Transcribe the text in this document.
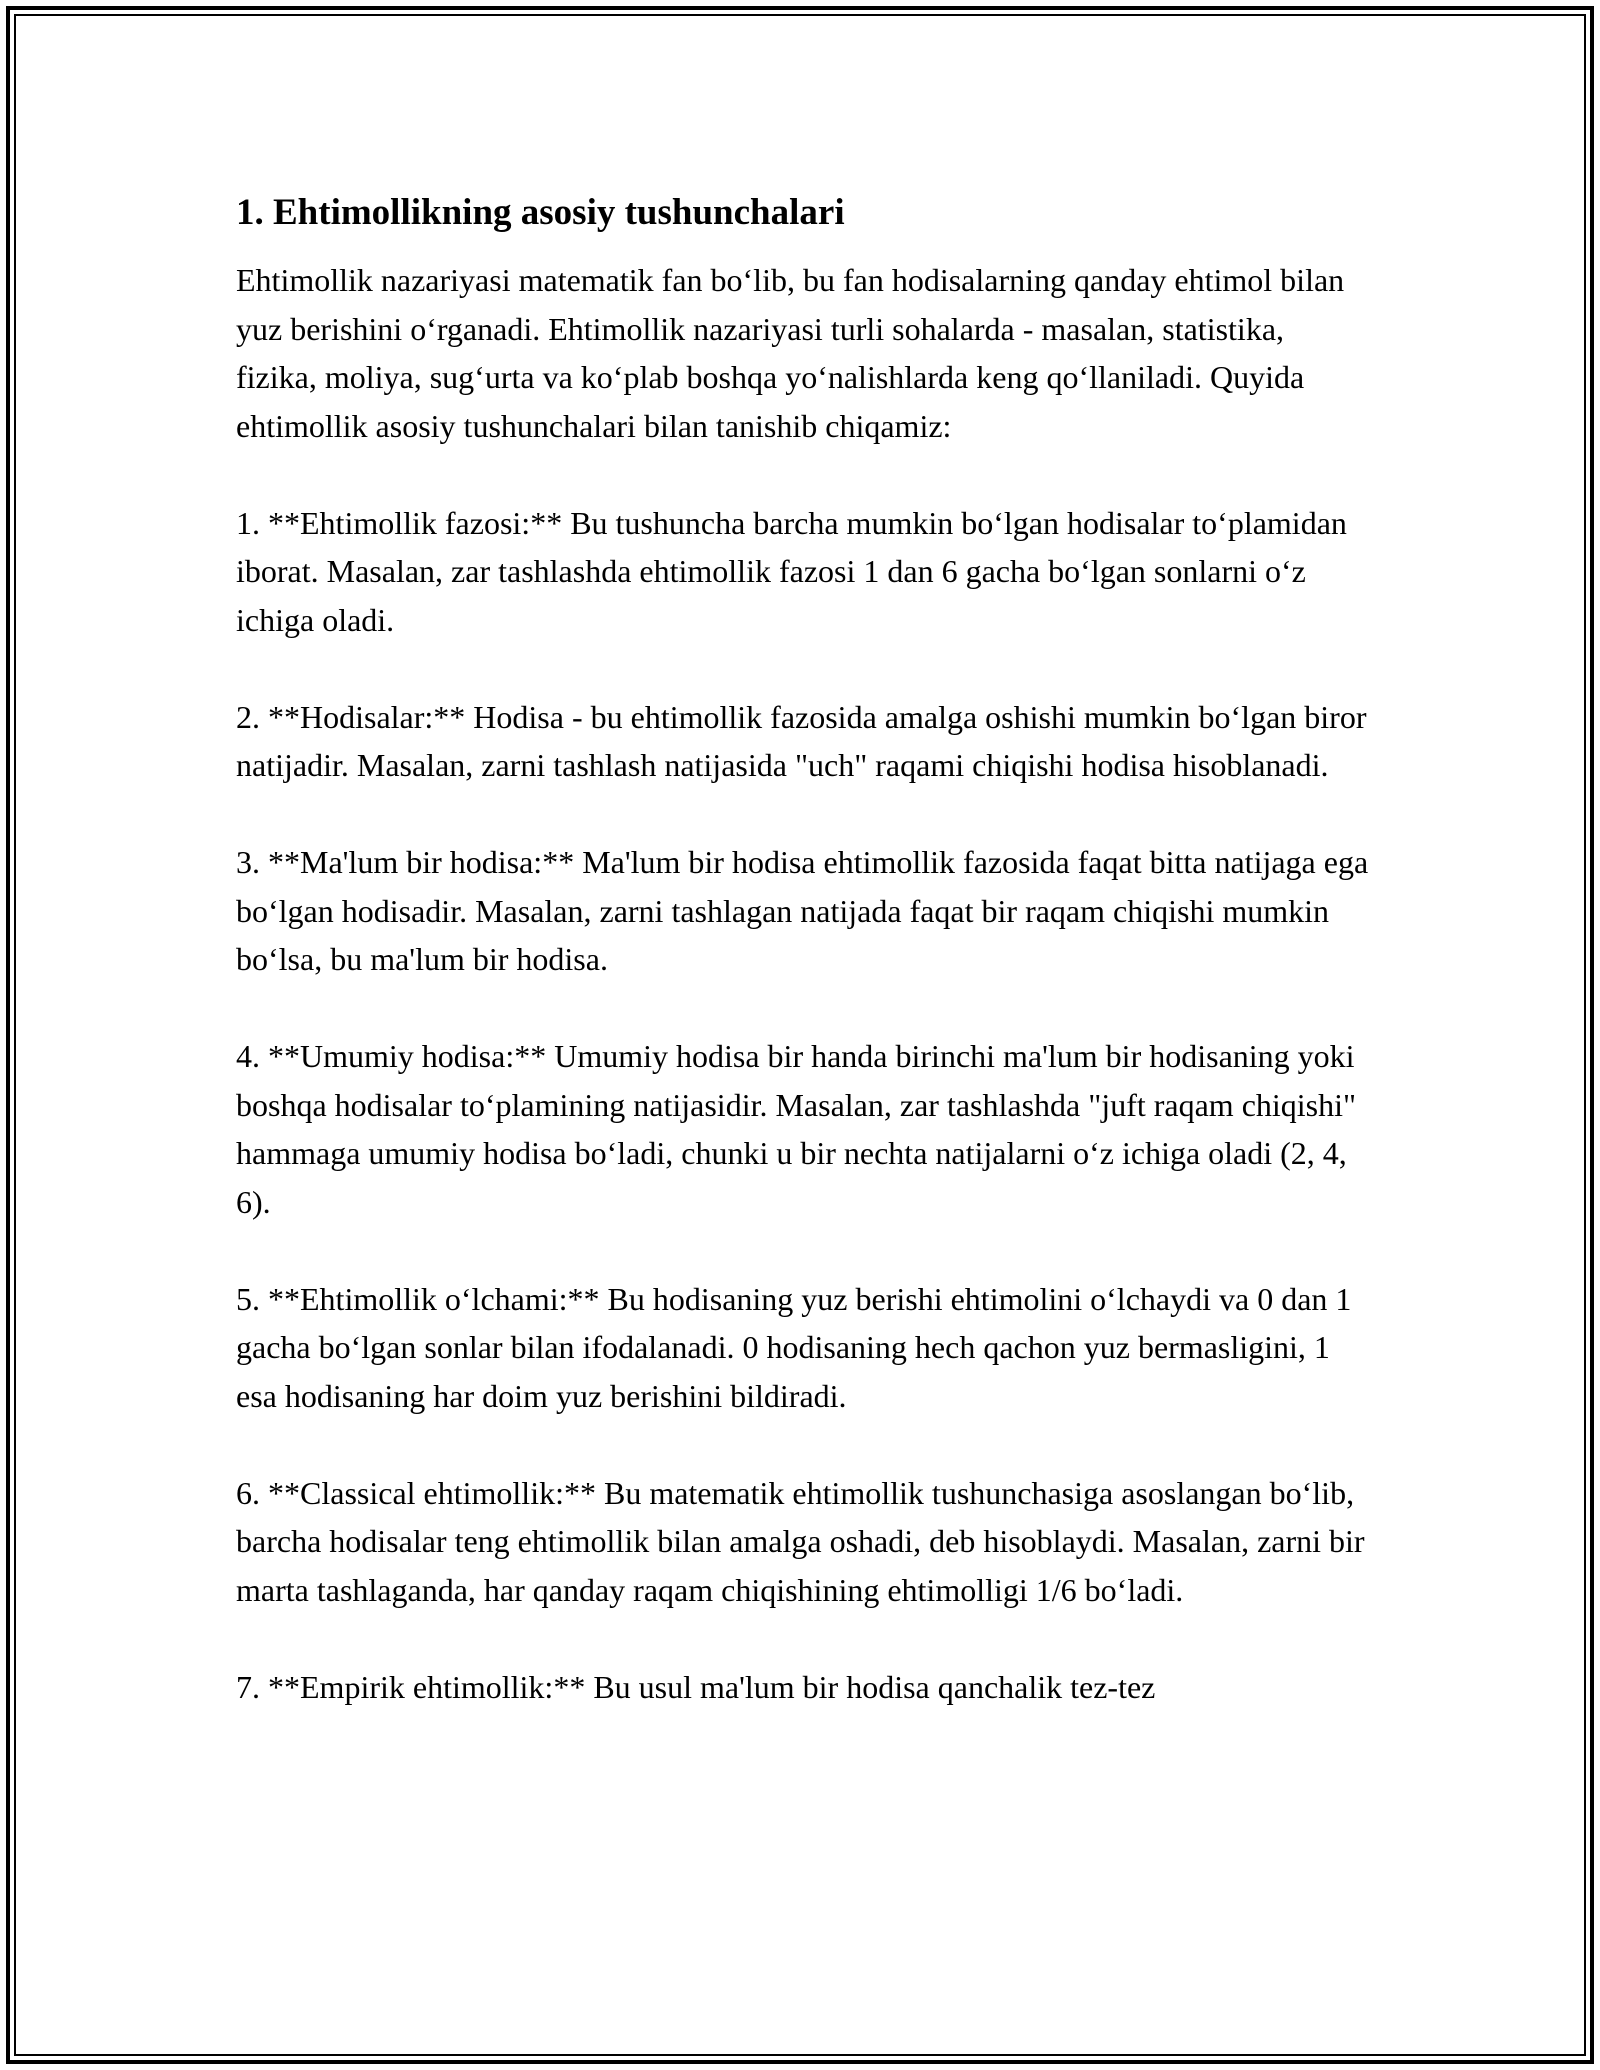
1. Ehtimollikning asosiy tushunchalari

Ehtimollik nazariyasi matematik fan bo‘lib, bu fan hodisalarning qanday ehtimol bilan yuz berishini o‘rganadi. Ehtimollik nazariyasi turli sohalarda - masalan, statistika, fizika, moliya, sug‘urta va ko‘plab boshqa yo‘nalishlarda keng qo‘llaniladi. Quyida ehtimollik asosiy tushunchalari bilan tanishib chiqamiz:

1. **Ehtimollik fazosi:** Bu tushuncha barcha mumkin bo‘lgan hodisalar to‘plamidan iborat. Masalan, zar tashlashda ehtimollik fazosi 1 dan 6 gacha bo‘lgan sonlarni o‘z ichiga oladi.

2. **Hodisalar:** Hodisa - bu ehtimollik fazosida amalga oshishi mumkin bo‘lgan biror natijadir. Masalan, zarni tashlash natijasida "uch" raqami chiqishi hodisa hisoblanadi.

3. **Ma'lum bir hodisa:** Ma'lum bir hodisa ehtimollik fazosida faqat bitta natijaga ega bo‘lgan hodisadir. Masalan, zarni tashlagan natijada faqat bir raqam chiqishi mumkin bo‘lsa, bu ma'lum bir hodisa.

4. **Umumiy hodisa:** Umumiy hodisa bir handa birinchi ma'lum bir hodisaning yoki boshqa hodisalar to‘plamining natijasidir. Masalan, zar tashlashda "juft raqam chiqishi" hammaga umumiy hodisa bo‘ladi, chunki u bir nechta natijalarni o‘z ichiga oladi (2, 4, 6).

5. **Ehtimollik o‘lchami:** Bu hodisaning yuz berishi ehtimolini o‘lchaydi va 0 dan 1 gacha bo‘lgan sonlar bilan ifodalanadi. 0 hodisaning hech qachon yuz bermasligini, 1 esa hodisaning har doim yuz berishini bildiradi.

6. **Classical ehtimollik:** Bu matematik ehtimollik tushunchasiga asoslangan bo‘lib, barcha hodisalar teng ehtimollik bilan amalga oshadi, deb hisoblaydi. Masalan, zarni bir marta tashlaganda, har qanday raqam chiqishining ehtimolligi 1/6 bo‘ladi.

7. **Empirik ehtimollik:** Bu usul ma'lum bir hodisa qanchalik tez-tez
